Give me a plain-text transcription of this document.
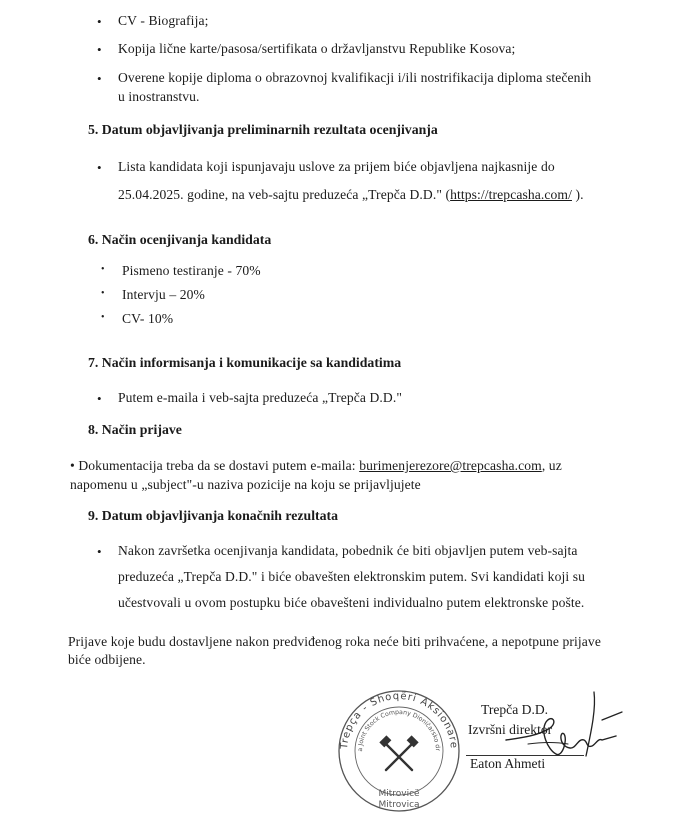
• CV - Biografija;
• Kopija lične karte/pasosa/sertifikata o državljanstvu Republike Kosova;
• Overene kopije diploma o obrazovnoj kvalifikacji i/ili nostrifikacija diploma stečenih
u inostranstvu.
5. Datum objavljivanja preliminarnih rezultata ocenjivanja
• Lista kandidata koji ispunjavaju uslove za prijem biće objavljena najkasnije do
25.04.2025. godine, na veb-sajtu preduzeća „Trepča D.D." (https://trepcasha.com/ ).
6. Način ocenjivanja kandidata
• Pismeno testiranje - 70%
• Intervju – 20%
• CV- 10%
7. Način informisanja i komunikacije sa kandidatima
• Putem e-maila i veb-sajta preduzeća „Trepča D.D."
8. Način prijave
• Dokumentacija treba da se dostavi putem e-maila: burimenjerezore@trepcasha.com, uz
napomenu u „subject"-u naziva pozicije na koju se prijavljujete
9. Datum objavljivanja konačnih rezultata
• Nakon završetka ocenjivanja kandidata, pobednik će biti objavljen putem veb-sajta
preduzeća „Trepča D.D." i biće obavešten elektronskim putem. Svi kandidati koji su
učestvovali u ovom postupku biće obavešteni individualno putem elektronske pošte.
Prijave koje budu dostavljene nakon predviđenog roka neće biti prihvaćene, a nepotpune prijave
biće odbijene.
Trepça - Shoqëri Aksionare
a Joint Stock Company Dioničarsko dr
Mitrovicë
Mitrovica
Trepča D.D.
Izvršni direktor
Eaton Ahmeti
